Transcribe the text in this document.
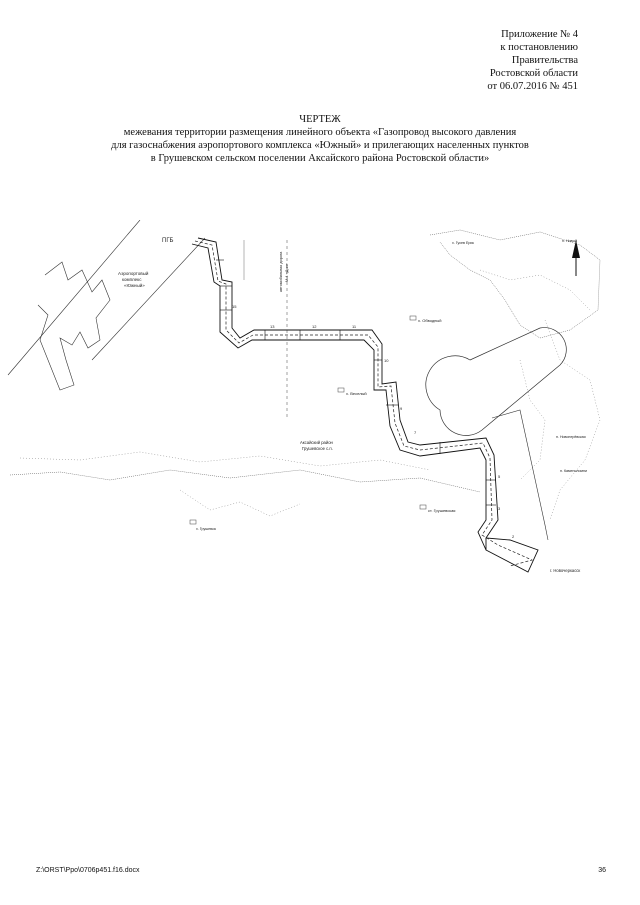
Приложение № 4
к постановлению
Правительства
Ростовской области
от 06.07.2016 № 451
ЧЕРТЕЖ
межевания территории размещения линейного объекта «Газопровод высокого давления
для газоснабжения аэропортового комплекса «Южный» и прилегающих населенных пунктов
в Грушевском сельском поселении Аксайского района Ростовской области»
ПГБ
Аэропортовый
комплекс
«Южный»	автомобильная дорога М-4 «Дон»
Аксайский район
Грушевское с.п.
х. Обводный
х. Веселый
ст. Грушевская
г. Новочеркасск
х. Гусев Ерик	п. Новый
п. Новоперёвская
х. Грушевка
п. Каменоломни
15
13	12	11
10
9
7
5
3
2
Z:\ORST\Ppo\0706p451.f16.docx	36
